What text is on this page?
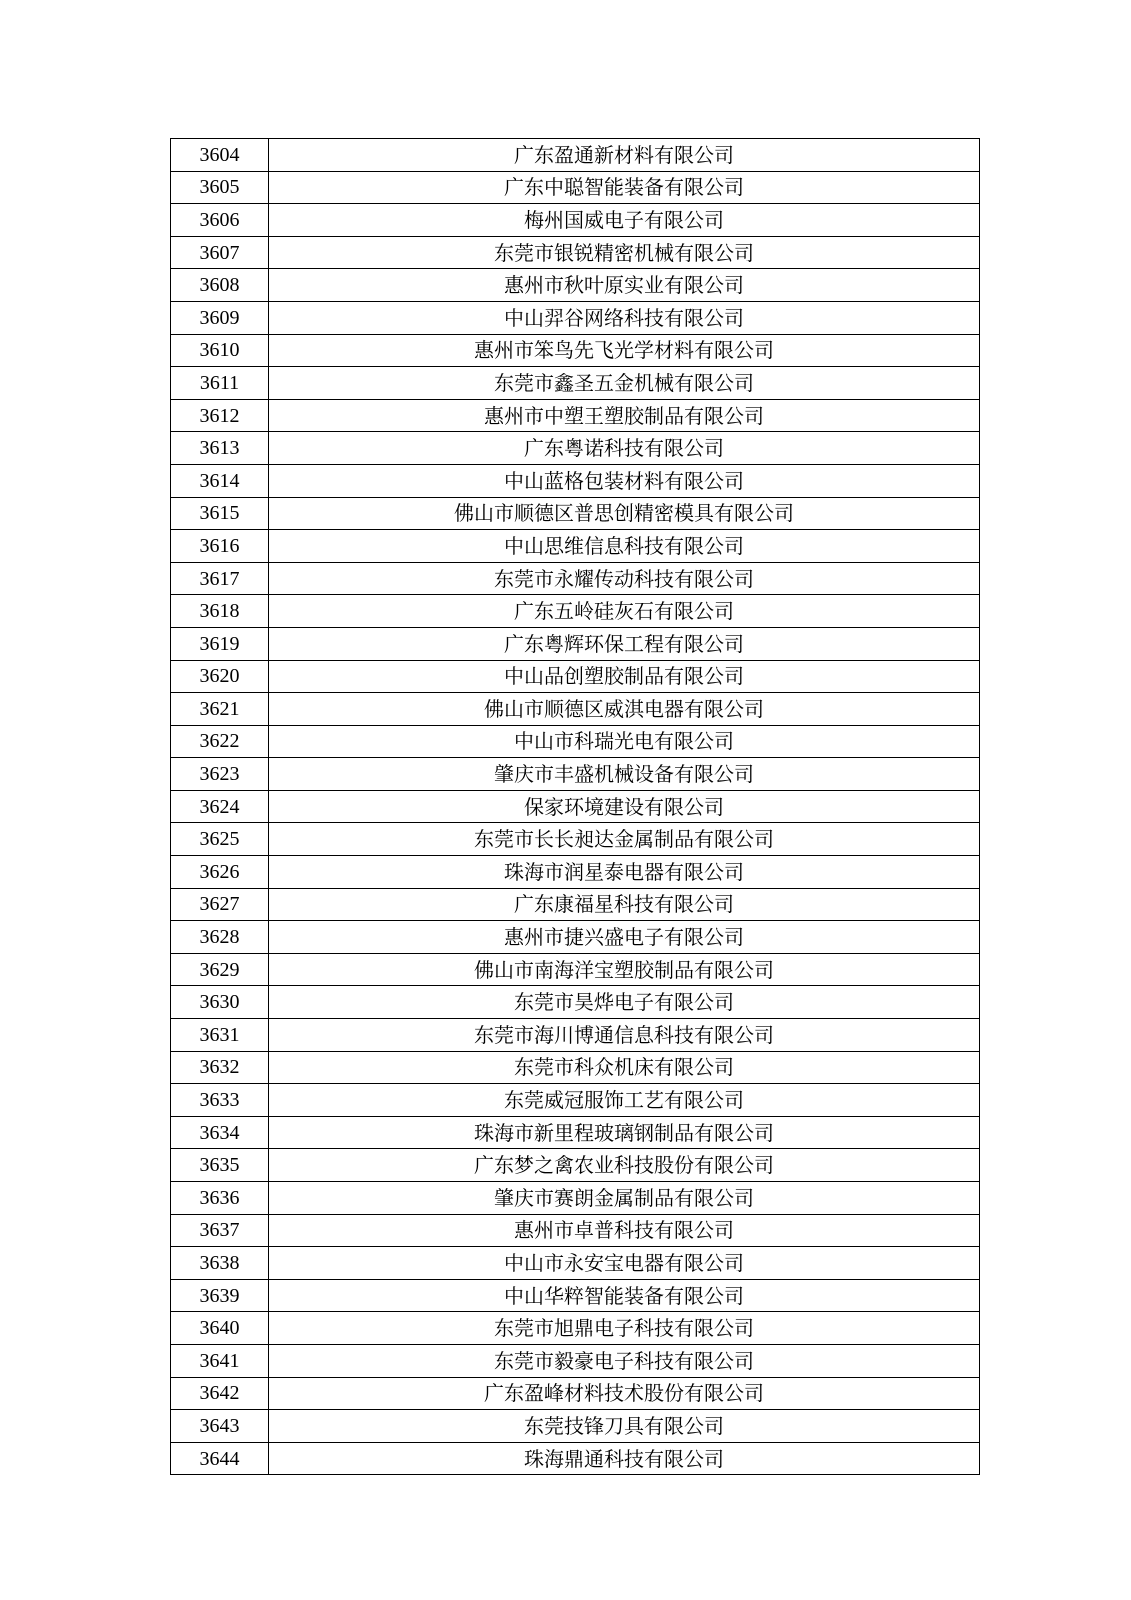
3604	广东盈通新材料有限公司
3605	广东中聪智能装备有限公司
3606	梅州国威电子有限公司
3607	东莞市银锐精密机械有限公司
3608	惠州市秋叶原实业有限公司
3609	中山羿谷网络科技有限公司
3610	惠州市笨鸟先飞光学材料有限公司
3611	东莞市鑫圣五金机械有限公司
3612	惠州市中塑王塑胶制品有限公司
3613	广东粤诺科技有限公司
3614	中山蓝格包装材料有限公司
3615	佛山市顺德区普思创精密模具有限公司
3616	中山思维信息科技有限公司
3617	东莞市永耀传动科技有限公司
3618	广东五岭硅灰石有限公司
3619	广东粤辉环保工程有限公司
3620	中山品创塑胶制品有限公司
3621	佛山市顺德区威淇电器有限公司
3622	中山市科瑞光电有限公司
3623	肇庆市丰盛机械设备有限公司
3624	保家环境建设有限公司
3625	东莞市长长昶达金属制品有限公司
3626	珠海市润星泰电器有限公司
3627	广东康福星科技有限公司
3628	惠州市捷兴盛电子有限公司
3629	佛山市南海洋宝塑胶制品有限公司
3630	东莞市昊烨电子有限公司
3631	东莞市海川博通信息科技有限公司
3632	东莞市科众机床有限公司
3633	东莞威冠服饰工艺有限公司
3634	珠海市新里程玻璃钢制品有限公司
3635	广东梦之禽农业科技股份有限公司
3636	肇庆市赛朗金属制品有限公司
3637	惠州市卓普科技有限公司
3638	中山市永安宝电器有限公司
3639	中山华粹智能装备有限公司
3640	东莞市旭鼎电子科技有限公司
3641	东莞市毅豪电子科技有限公司
3642	广东盈峰材料技术股份有限公司
3643	东莞技锋刀具有限公司
3644	珠海鼎通科技有限公司
